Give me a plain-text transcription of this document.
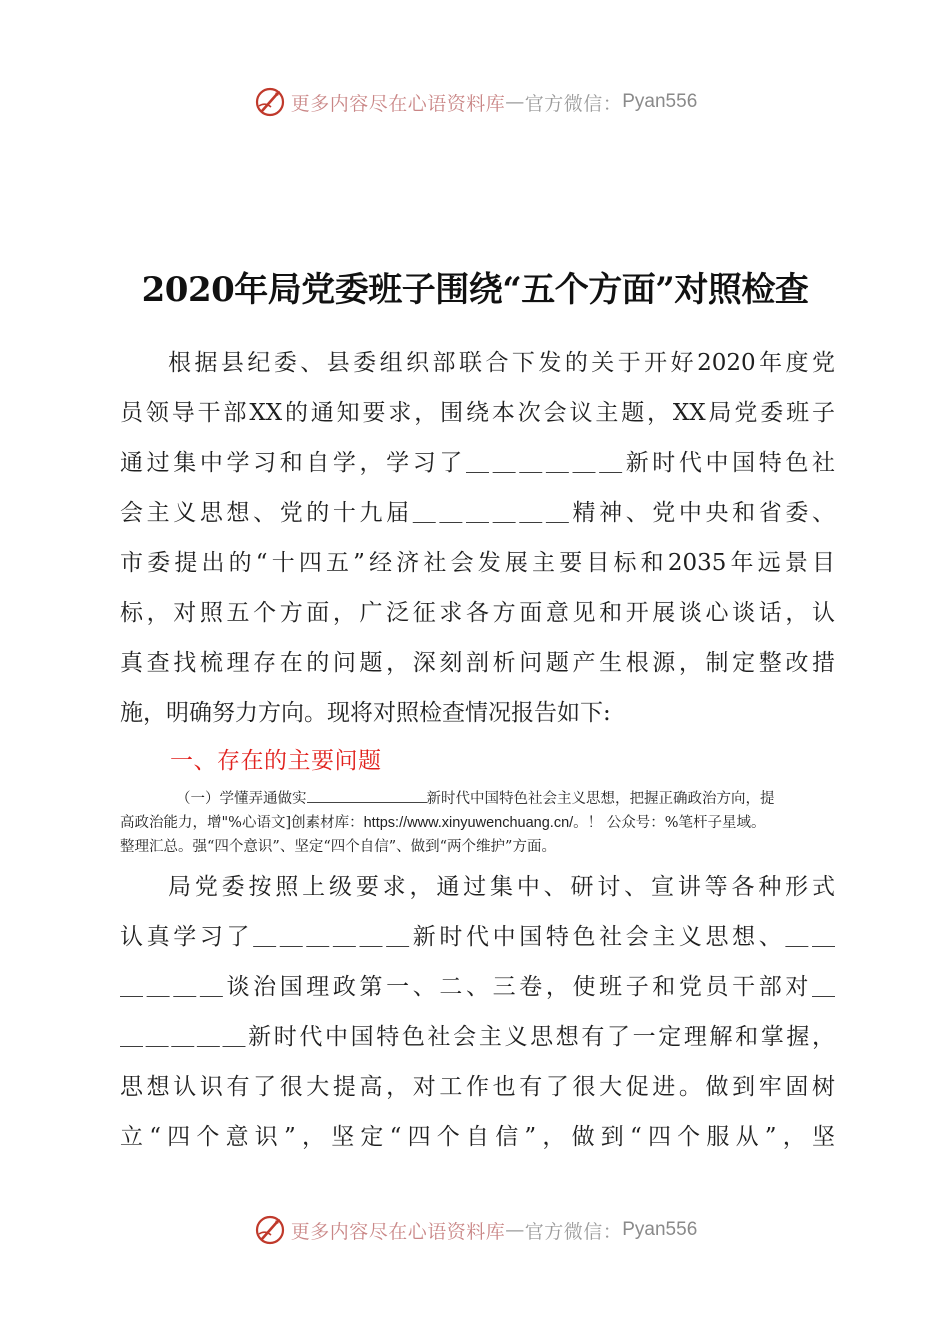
更多内容尽在心语资料库 — 官方微信： Pyan556
2020年局党委班子围绕“五个方面”对照检查
根据县纪委、县委组织部联合下发的关于开好2020年度党
员领导干部XX的通知要求，围绕本次会议主题，XX局党委班子
通过集中学习和自学，学习了＿＿＿＿＿＿新时代中国特色社
会主义思想、党的十九届＿＿＿＿＿＿精神、党中央和省委、
市委提出的“十四五”经济社会发展主要目标和2035年远景目
标，对照五个方面，广泛征求各方面意见和开展谈心谈话，认
真查找梳理存在的问题，深刻剖析问题产生根源，制定整改措
施，明确努力方向。现将对照检查情况报告如下:
一、存在的主要问题
（一）学懂弄通做实	新时代中国特色社会主义思想，把握正确政治方向，提
高政治能力，增"%心语文]创素材库：https://www.xinyuwenchuang.cn/。！ 公众号：%笔杆子星域。
整理汇总。强“四个意识”、坚定“四个自信”、做到“两个维护”方面。
局党委按照上级要求，通过集中、研讨、宣讲等各种形式
认真学习了＿＿＿＿＿＿新时代中国特色社会主义思想、＿＿
＿＿＿＿谈治国理政第一、二、三卷，使班子和党员干部对＿
＿＿＿＿＿新时代中国特色社会主义思想有了一定理解和掌握，
思想认识有了很大提高，对工作也有了很大促进。做到牢固树
立“四个意识”，坚定“四个自信”，做到“四个服从”，坚
更多内容尽在心语资料库 — 官方微信： Pyan556
